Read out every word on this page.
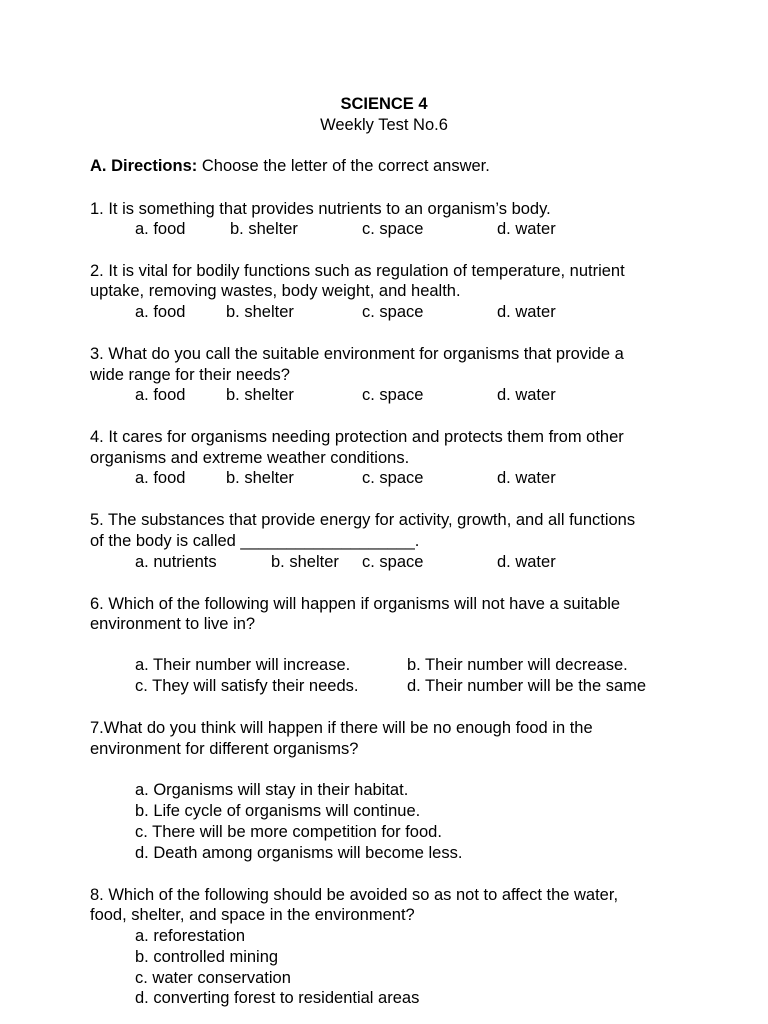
SCIENCE 4
Weekly Test No.6
A. Directions: Choose the letter of the correct answer.
1. It is something that provides nutrients to an organism’s body.
a. food	b. shelter	c. space	d. water
2. It is vital for bodily functions such as regulation of temperature, nutrient
uptake, removing wastes, body weight, and health.
a. food b. shelter	c. space	d. water
3. What do you call the suitable environment for organisms that provide a
wide range for their needs?
a. food b. shelter	c. space	d. water
4. It cares for organisms needing protection and protects them from other
organisms and extreme weather conditions.
a. food b. shelter	c. space	d. water
5. The substances that provide energy for activity, growth, and all functions
of the body is called ___________________.
a. nutrients	b. shelter c. space	d. water
6. Which of the following will happen if organisms will not have a suitable
environment to live in?
a. Their number will increase.	b. Their number will decrease.
c. They will satisfy their needs.	d. Their number will be the same
7.What do you think will happen if there will be no enough food in the
environment for different organisms?
a. Organisms will stay in their habitat.
b. Life cycle of organisms will continue.
c. There will be more competition for food.
d. Death among organisms will become less.
8. Which of the following should be avoided so as not to affect the water,
food, shelter, and space in the environment?
a. reforestation
b. controlled mining
c. water conservation
d. converting forest to residential areas
